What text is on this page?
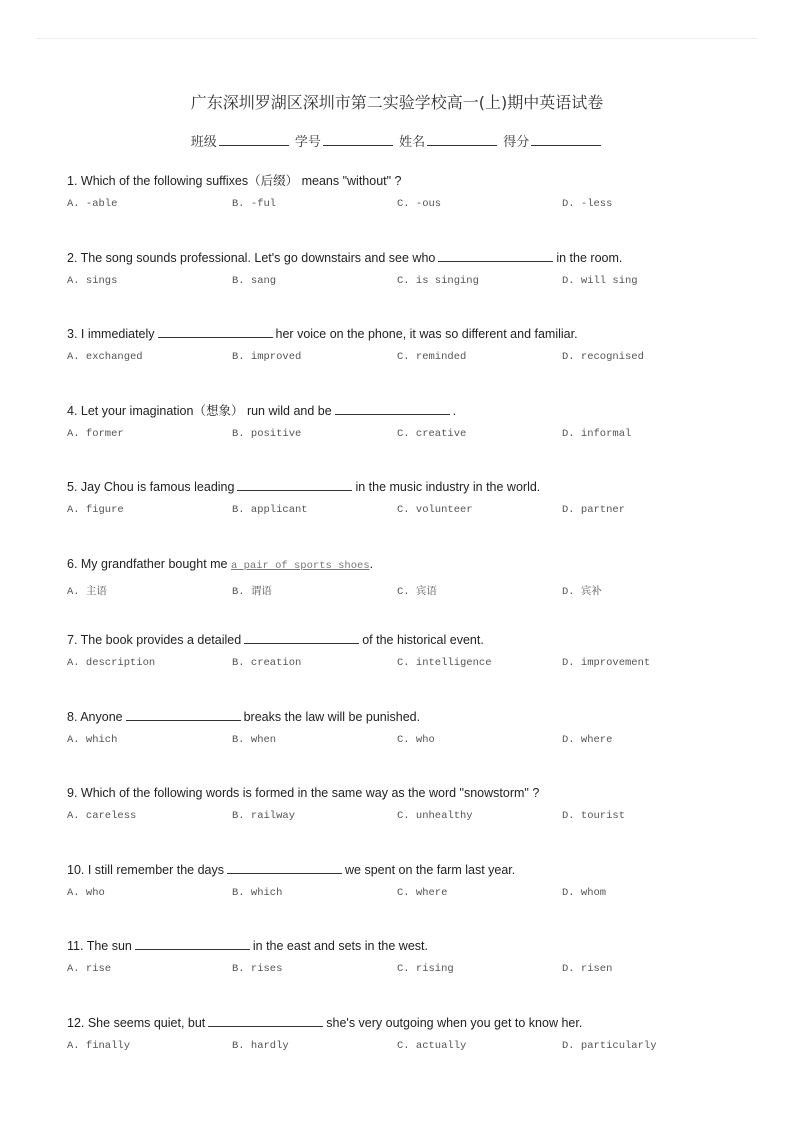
广东深圳罗湖区深圳市第二实验学校高一(上)期中英语试卷
班级	学号	姓名	得分
1. Which of the following suffixes（后缀） means "without" ?
A. -able	B. -ful	C. -ous	D. -less
2. The song sounds professional. Let's go downstairs and see who	in the room.
A. sings	B. sang	C. is singing	D. will sing
3. I immediately	her voice on the phone, it was so different and familiar.
A. exchanged	B. improved	C. reminded	D. recognised
4. Let your imagination（想象） run wild and be	.
A. former	B. positive	C. creative	D. informal
5. Jay Chou is famous leading	in the music industry in the world.
A. figure	B. applicant	C. volunteer	D. partner
6. My grandfather bought me a pair of sports shoes.
A. 主语	B. 谓语	C. 宾语	D. 宾补
7. The book provides a detailed	of the historical event.
A. description	B. creation	C. intelligence	D. improvement
8. Anyone	breaks the law will be punished.
A. which	B. when	C. who	D. where
9. Which of the following words is formed in the same way as the word "snowstorm" ?
A. careless	B. railway	C. unhealthy	D. tourist
10. I still remember the days	we spent on the farm last year.
A. who	B. which	C. where	D. whom
11. The sun	in the east and sets in the west.
A. rise	B. rises	C. rising	D. risen
12. She seems quiet, but	she's very outgoing when you get to know her.
A. finally	B. hardly	C. actually	D. particularly
